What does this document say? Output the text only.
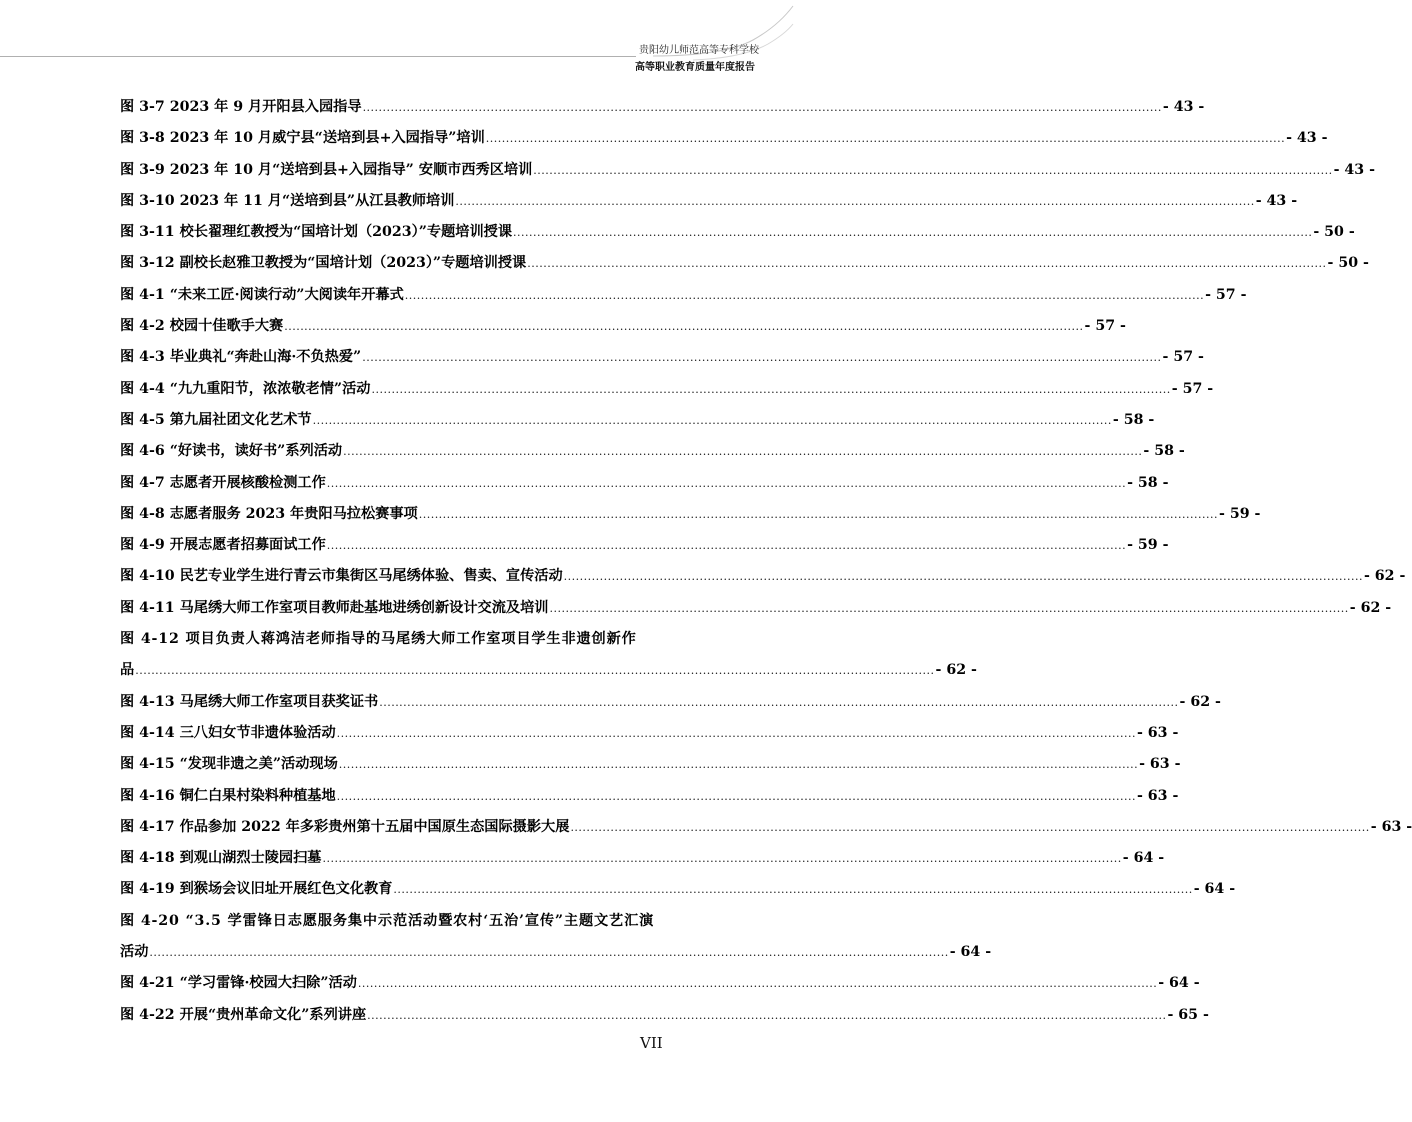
贵阳幼儿师范高等专科学校
高等职业教育质量年度报告
图 3-7 2023 年 9 月开阳县入园指导 ........................................................................................................................................................................................................ - 43 -
图 3-8 2023 年 10 月威宁县“送培到县+入园指导”培训 ........................................................................................................................................................................................................ - 43 -
图 3-9 2023 年 10 月“送培到县+入园指导” 安顺市西秀区培训 ........................................................................................................................................................................................................ - 43 -
图 3-10 2023 年 11 月“送培到县”从江县教师培训 ........................................................................................................................................................................................................ - 43 -
图 3-11 校长翟理红教授为“国培计划（2023）”专题培训授课 ........................................................................................................................................................................................................ - 50 -
图 3-12 副校长赵雅卫教授为“国培计划（2023）”专题培训授课 ........................................................................................................................................................................................................ - 50 -
图 4-1 “未来工匠·阅读行动”大阅读年开幕式 ........................................................................................................................................................................................................ - 57 -
图 4-2 校园十佳歌手大赛 ........................................................................................................................................................................................................ - 57 -
图 4-3 毕业典礼“奔赴山海·不负热爱” ........................................................................................................................................................................................................ - 57 -
图 4-4 “九九重阳节，浓浓敬老情”活动 ........................................................................................................................................................................................................ - 57 -
图 4-5 第九届社团文化艺术节 ........................................................................................................................................................................................................ - 58 -
图 4-6 “好读书，读好书”系列活动 ........................................................................................................................................................................................................ - 58 -
图 4-7 志愿者开展核酸检测工作 ........................................................................................................................................................................................................ - 58 -
图 4-8 志愿者服务 2023 年贵阳马拉松赛事项 ........................................................................................................................................................................................................ - 59 -
图 4-9 开展志愿者招募面试工作 ........................................................................................................................................................................................................ - 59 -
图 4-10 民艺专业学生进行青云市集街区马尾绣体验、售卖、宣传活动 ........................................................................................................................................................................................................ - 62 -
图 4-11 马尾绣大师工作室项目教师赴基地进绣创新设计交流及培训 ........................................................................................................................................................................................................ - 62 -
图 4-12 项目负责人蒋鸿洁老师指导的马尾绣大师工作室项目学生非遗创新作
品 ........................................................................................................................................................................................................ - 62 -
图 4-13 马尾绣大师工作室项目获奖证书 ........................................................................................................................................................................................................ - 62 -
图 4-14 三八妇女节非遗体验活动 ........................................................................................................................................................................................................ - 63 -
图 4-15 “发现非遗之美”活动现场 ........................................................................................................................................................................................................ - 63 -
图 4-16 铜仁白果村染料种植基地 ........................................................................................................................................................................................................ - 63 -
图 4-17 作品参加 2022 年多彩贵州第十五届中国原生态国际摄影大展 ........................................................................................................................................................................................................ - 63 -
图 4-18 到观山湖烈士陵园扫墓 ........................................................................................................................................................................................................ - 64 -
图 4-19 到猴场会议旧址开展红色文化教育 ........................................................................................................................................................................................................ - 64 -
图 4-20 “3.5 学雷锋日志愿服务集中示范活动暨农村‘五治’宣传”主题文艺汇演
活动 ........................................................................................................................................................................................................ - 64 -
图 4-21 “学习雷锋·校园大扫除”活动 ........................................................................................................................................................................................................ - 64 -
图 4-22 开展“贵州革命文化”系列讲座 ........................................................................................................................................................................................................ - 65 -
VII
